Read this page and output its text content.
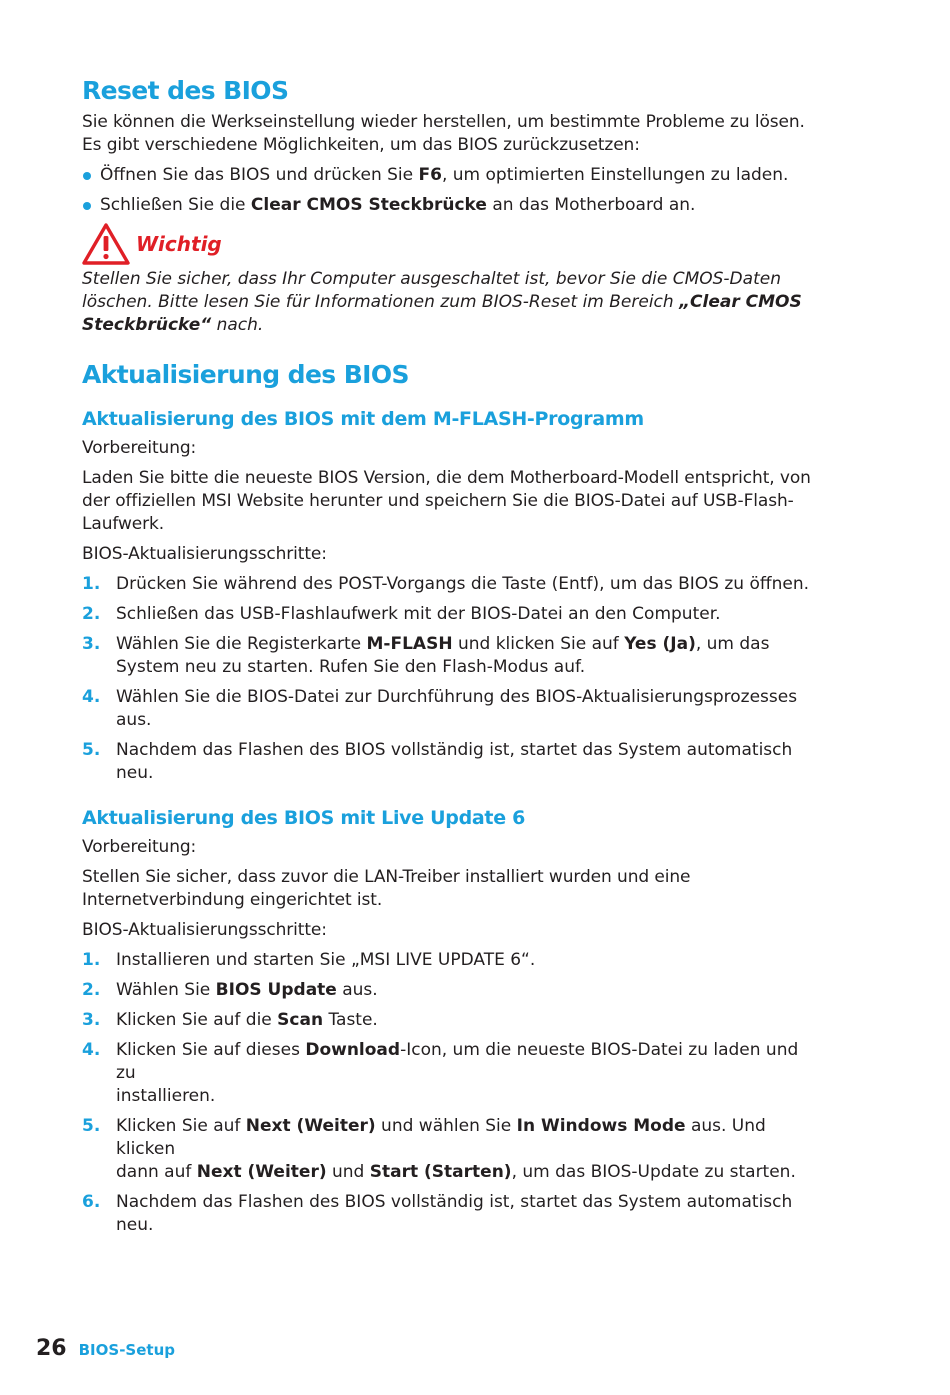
Reset des BIOS
Sie können die Werkseinstellung wieder herstellen, um bestimmte Probleme zu lösen.
Es gibt verschiedene Möglichkeiten, um das BIOS zurückzusetzen:
Öffnen Sie das BIOS und drücken Sie F6, um optimierten Einstellungen zu laden.
Schließen Sie die Clear CMOS Steckbrücke an das Motherboard an.
Wichtig
Stellen Sie sicher, dass Ihr Computer ausgeschaltet ist, bevor Sie die CMOS-Daten
löschen. Bitte lesen Sie für Informationen zum BIOS-Reset im Bereich „Clear CMOS
Steckbrücke“ nach.
Aktualisierung des BIOS
Aktualisierung des BIOS mit dem M-FLASH-Programm
Vorbereitung:
Laden Sie bitte die neueste BIOS Version, die dem Motherboard-Modell entspricht, von
der offiziellen MSI Website herunter und speichern Sie die BIOS-Datei auf USB-Flash-
Laufwerk.
BIOS-Aktualisierungsschritte:
1. Drücken Sie während des POST-Vorgangs die Taste (Entf), um das BIOS zu öffnen.
2. Schließen das USB-Flashlaufwerk mit der BIOS-Datei an den Computer.
3. Wählen Sie die Registerkarte M-FLASH und klicken Sie auf Yes (Ja), um das
System neu zu starten. Rufen Sie den Flash-Modus auf.
4. Wählen Sie die BIOS-Datei zur Durchführung des BIOS-Aktualisierungsprozesses
aus.
5. Nachdem das Flashen des BIOS vollständig ist, startet das System automatisch
neu.
Aktualisierung des BIOS mit Live Update 6
Vorbereitung:
Stellen Sie sicher, dass zuvor die LAN-Treiber installiert wurden und eine
Internetverbindung eingerichtet ist.
BIOS-Aktualisierungsschritte:
1. Installieren und starten Sie „MSI LIVE UPDATE 6“.
2. Wählen Sie BIOS Update aus.
3. Klicken Sie auf die Scan Taste.
4. Klicken Sie auf dieses Download-Icon, um die neueste BIOS-Datei zu laden und zu
installieren.
5. Klicken Sie auf Next (Weiter) und wählen Sie In Windows Mode aus. Und klicken
dann auf Next (Weiter) und Start (Starten), um das BIOS-Update zu starten.
6. Nachdem das Flashen des BIOS vollständig ist, startet das System automatisch
neu.
26 BIOS-Setup
